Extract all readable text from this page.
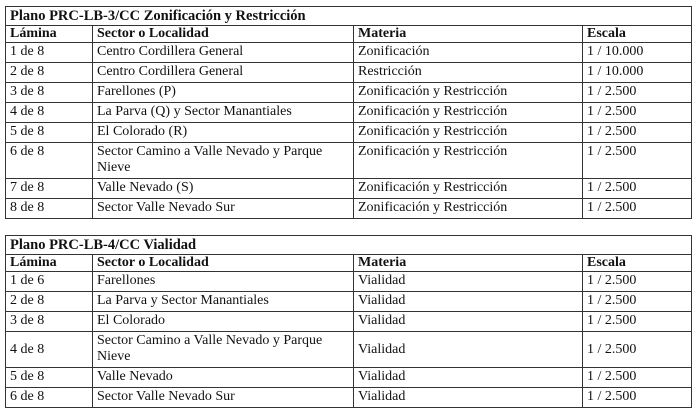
Plano PRC-LB-3/CC Zonificación y Restricción			
Lámina	Sector o Localidad	Materia	Escala
1 de 8	Centro Cordillera General	Zonificación	1 / 10.000
2 de 8	Centro Cordillera General	Restricción	1 / 10.000
3 de 8	Farellones (P)	Zonificación y Restricción	1 / 2.500
4 de 8	La Parva (Q) y Sector Manantiales	Zonificación y Restricción	1 / 2.500
5 de 8	El Colorado (R)	Zonificación y Restricción	1 / 2.500
6 de 8	Sector Camino a Valle Nevado y Parque Nieve	Zonificación y Restricción	1 / 2.500
7 de 8	Valle Nevado (S)	Zonificación y Restricción	1 / 2.500
8 de 8	Sector Valle Nevado Sur	Zonificación y Restricción	1 / 2.500
Plano PRC-LB-4/CC Vialidad			
Lámina	Sector o Localidad	Materia	Escala
1 de 6	Farellones	Vialidad	1 / 2.500
2 de 8	La Parva y Sector Manantiales	Vialidad	1 / 2.500
3 de 8	El Colorado	Vialidad	1 / 2.500
4 de 8	Sector Camino a Valle Nevado y Parque Nieve	Vialidad	1 / 2.500
5 de 8	Valle Nevado	Vialidad	1 / 2.500
6 de 8	Sector Valle Nevado Sur	Vialidad	1 / 2.500
